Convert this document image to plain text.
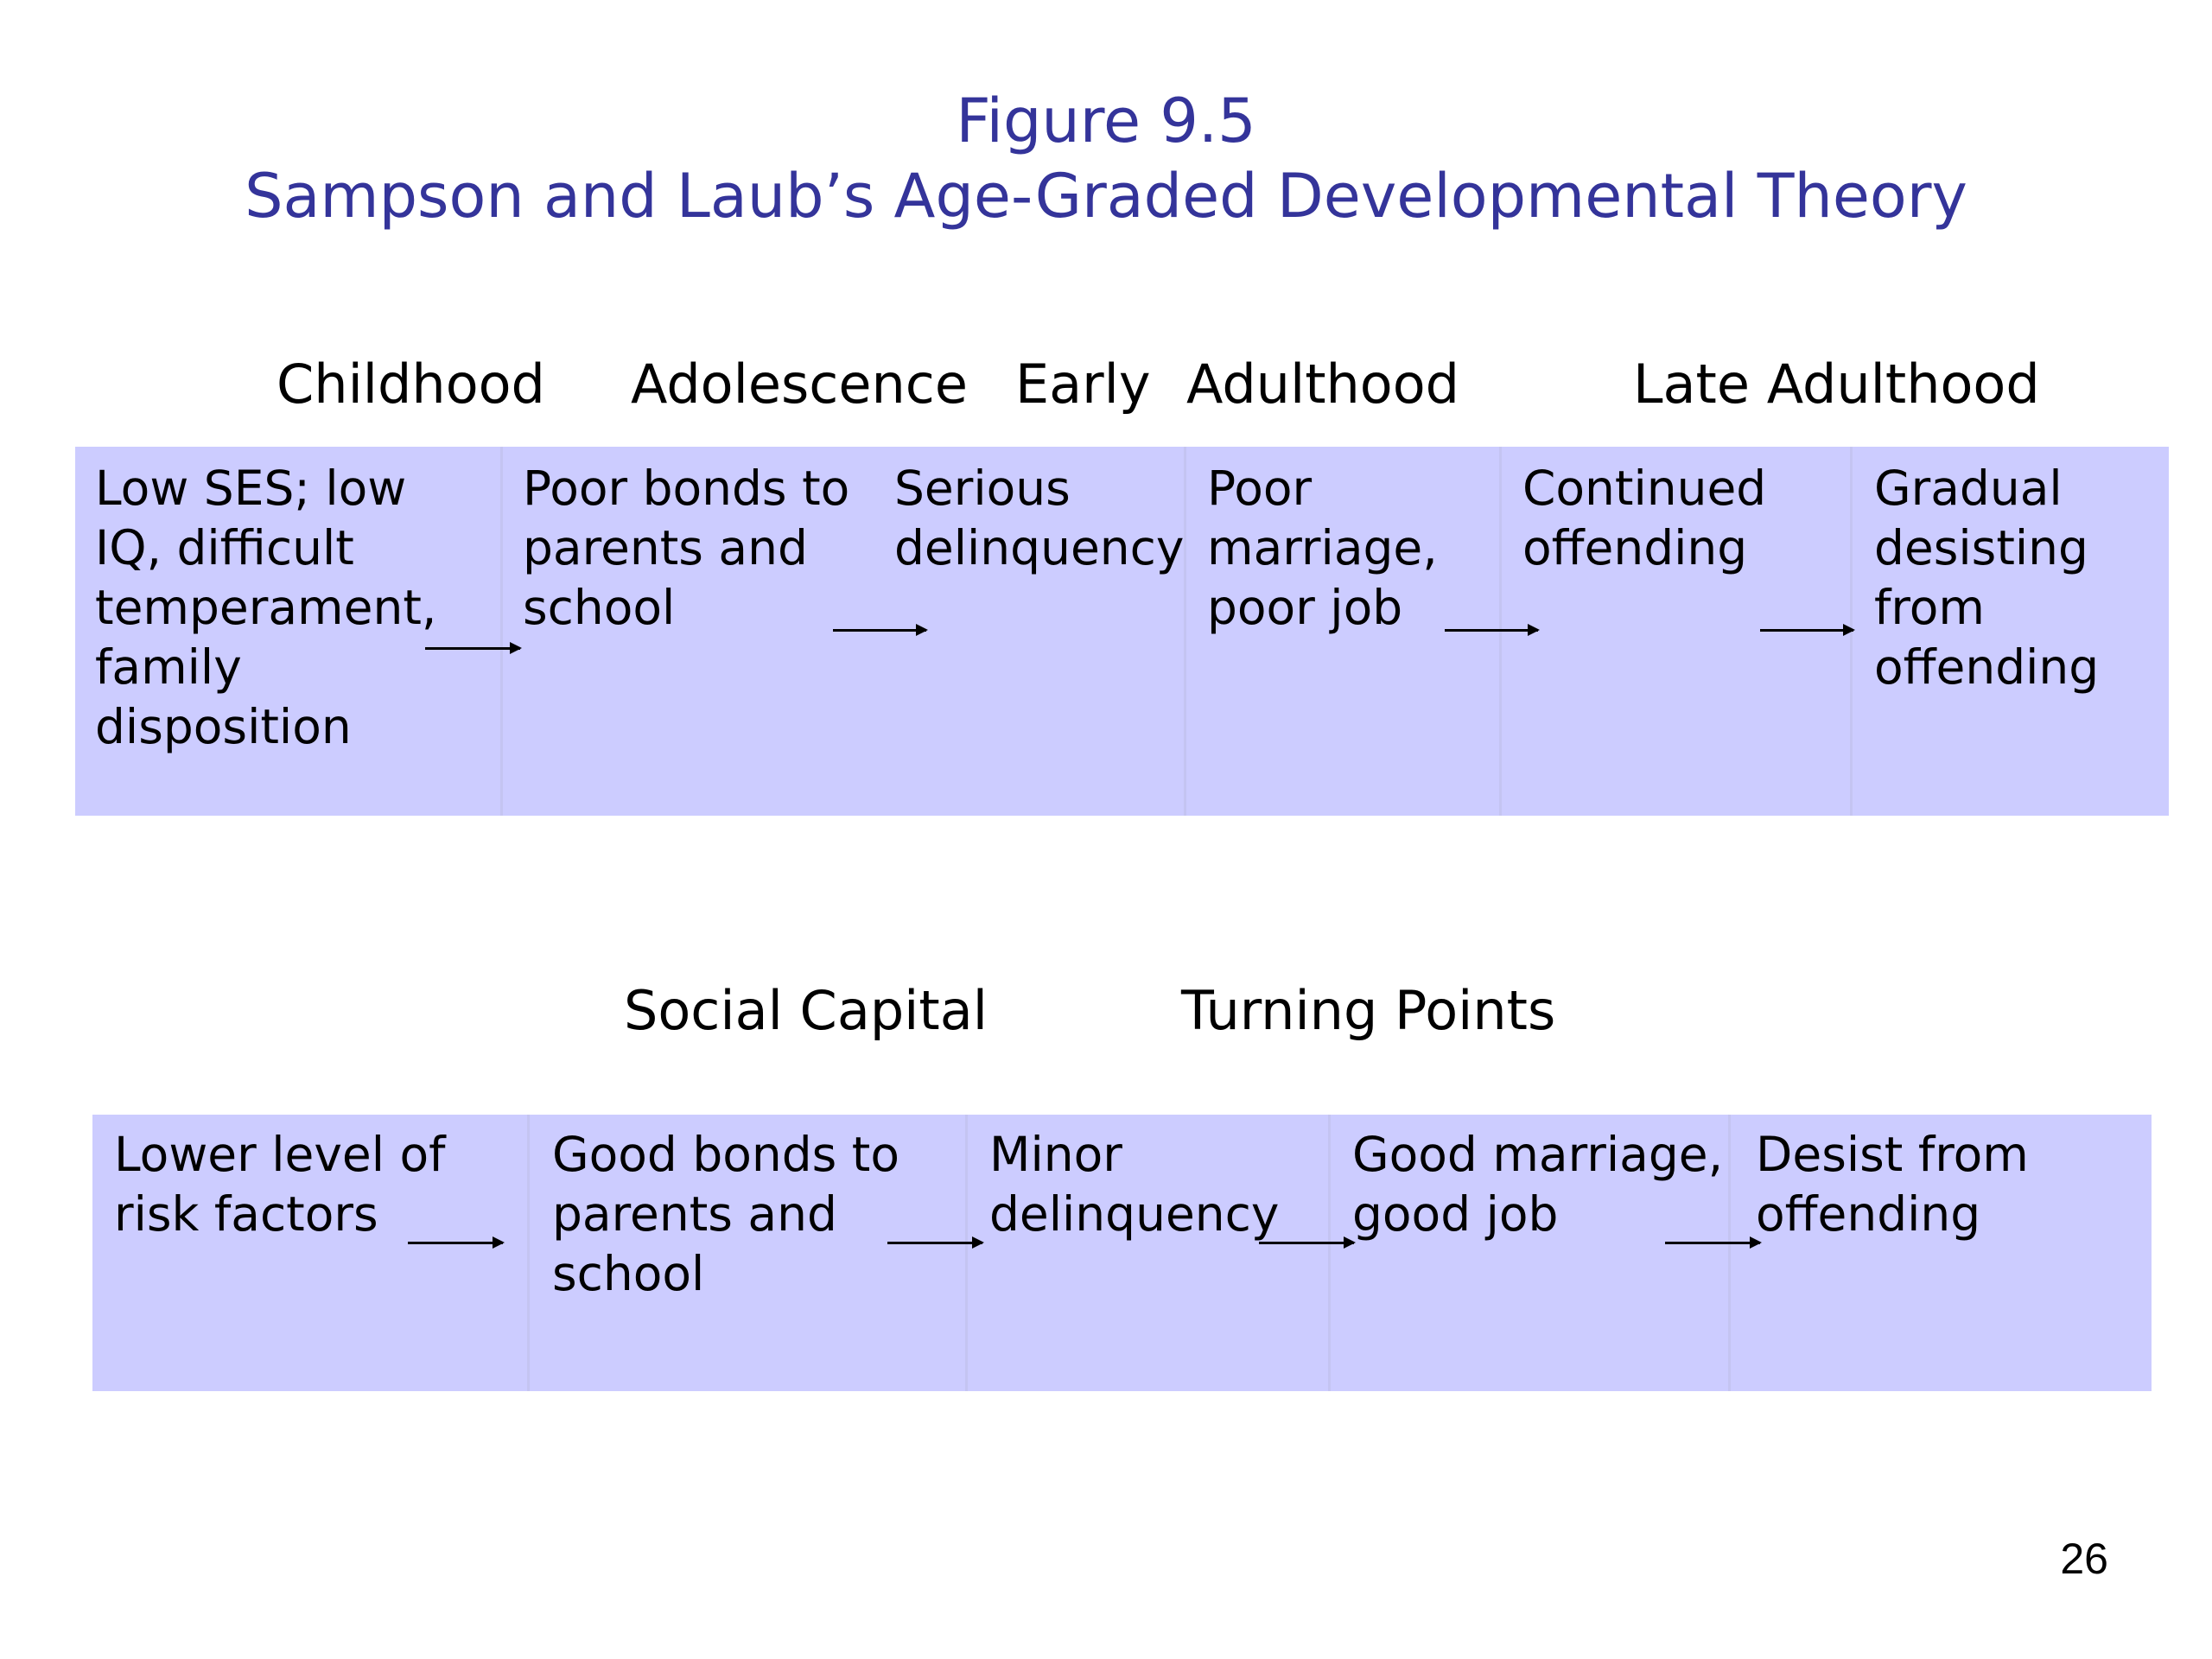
Figure 9.5
Sampson and Laub’s Age-Graded Developmental Theory
Childhood Adolescence Early Adulthood	Late Adulthood
Low SES; low
IQ, difficult
temperament,
family
disposition
Poor bonds to
parents and
school
Serious
delinquency
Poor
marriage,
poor job
Continued
offending
Gradual
desisting
from
offending
Social Capital	Turning Points
Lower level of
risk factors
Good bonds to
parents and
school
Minor
delinquency
Good marriage,
good job
Desist from
offending
26
